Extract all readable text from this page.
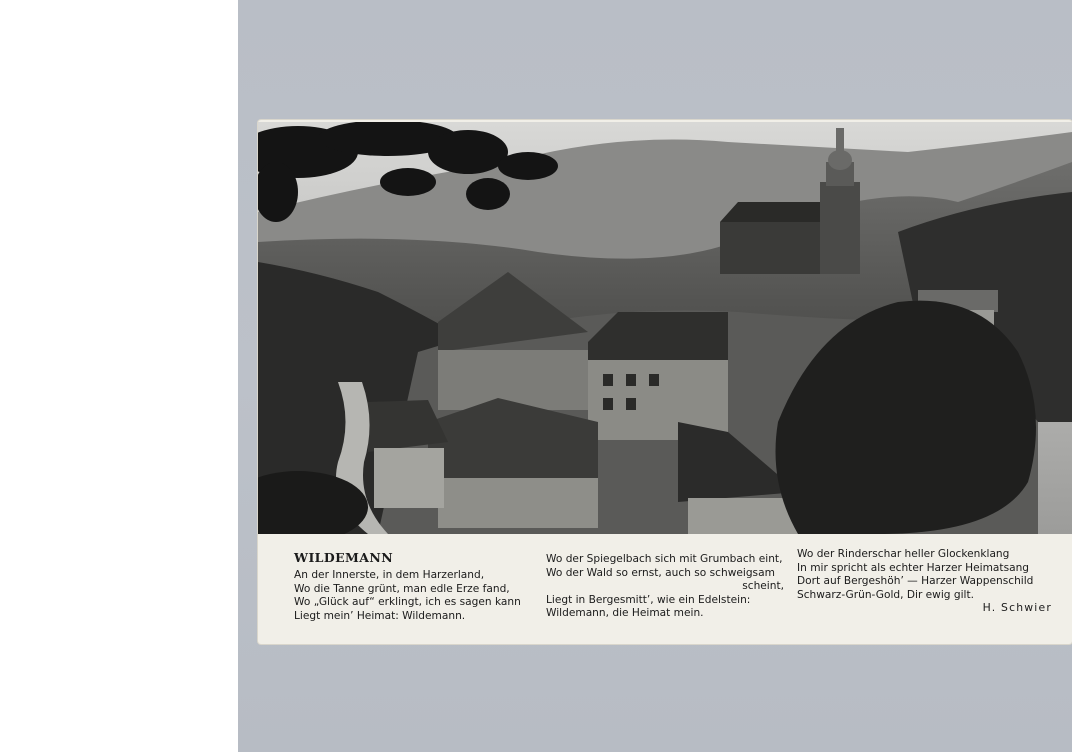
WILDEMANN
An der Innerste, in dem Harzerland,
Wo die Tanne grünt, man edle Erze fand,
Wo „Glück auf“ erklingt, ich es sagen kann
Liegt mein’ Heimat: Wildemann.
Wo der Spiegelbach sich mit Grumbach eint,
Wo der Wald so ernst, auch so schweigsam
scheint,
Liegt in Bergesmitt’, wie ein Edelstein:
Wildemann, die Heimat mein.
Wo der Rinderschar heller Glockenklang
In mir spricht als echter Harzer Heimatsang
Dort auf Bergeshöh’ — Harzer Wappenschild
Schwarz-Grün-Gold, Dir ewig gilt.
H. Schwier
